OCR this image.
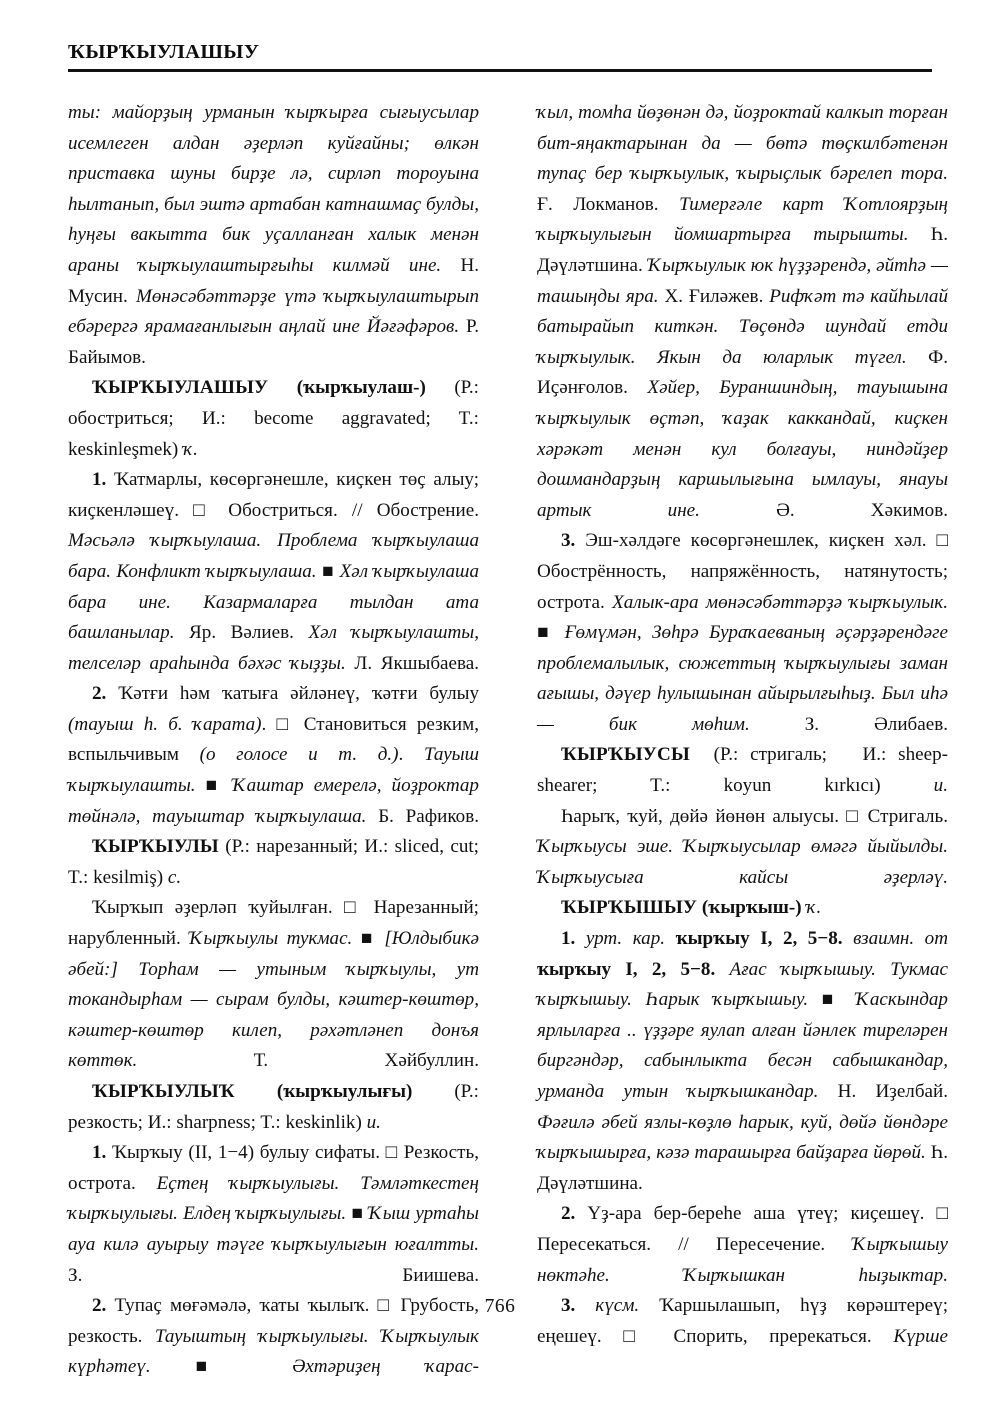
ҠЫРҠЫУЛАШЫУ

ты: майорҙың урманын ҡырҡырға сығыусылар исемлеген алдан әҙерләп куйғайны; өлкән приставка шуны бирҙе лә, сирләп тороуына һылтанып, был эштә артабан катнашмаҫ булды, һуңғы вакытта бик уҫалланған халык менән араны ҡырҡыулаштырғыһы килмәй ине. Н. Мусин. Мөнәсәбәттәрҙе үтә ҡырҡыулаштырып ебәрергә ярамағанлығын аңлай ине Йәғәфәров. Р. Байымов.

ҠЫРҠЫУЛАШЫУ (ҡырҡыулаш-) (Р.: обостриться; И.: become aggravated; T.: keskinleşmek) ҡ.

1. Ҡатмарлы, көсөргәнешле, киҫкен төҫ алыу; киҫкенләшеү. □ Обостриться. // Обострение. Мәсьәлә ҡырҡыулаша. Проблема ҡырҡыулаша бара. Конфликт ҡырҡыулаша. ■ Хәл ҡырҡыулаша бара ине. Казармаларға тылдан ата башланылар. Яр. Вәлиев. Хәл ҡырҡыулашты, телселәр араһында бәхәс ҡыҙҙы. Л. Якшыбаева.

2. Ҡәтғи һәм ҡатыға әйләнеү, ҡәтғи булыу (тауыш һ. б. ҡарата). □ Становиться резким, вспыльчивым (о голосе и т. д.). Тауыш ҡырҡыулашты. ■ Ҡаштар емерелә, йоҙроктар төйнәлә, тауыштар ҡырҡыулаша. Б. Рафиков.

ҠЫРҠЫУЛЫ (Р.: нарезанный; И.: sliced, cut; T.: kesilmiş) с.

Ҡырҡып әҙерләп ҡуйылған. □ Нарезанный; нарубленный. Ҡырҡыулы тукмас. ■ [Юлдыбикә әбей:] Торһам — утыным ҡырҡыулы, ут токандырһам — сырам булды, кәштер-көштөр, кәштер-көштөр килеп, рәхәтләнеп донъя көттөк. Т. Хәйбуллин.

ҠЫРҠЫУЛЫҠ (ҡырҡыулығы) (Р.: резкость; И.: sharpness; T.: keskinlik) и.

1. Ҡырҡыу (II, 1−4) булыу сифаты. □ Резкость, острота. Еҫтең ҡырҡыулығы. Тәмләткестең ҡырҡыулығы. Елдең ҡырҡыулығы. ■ Ҡыш уртаһы ауа килә ауырыу тәүге ҡырҡыулығын юғалтты. З. Биишева.

2. Тупаҫ мөғәмәлә, ҡаты ҡылыҡ. □ Грубость, резкость. Тауыштың ҡырҡыулығы. Ҡырҡыулык күрһәтеү. ■ Әхтәриҙең ҡарас-

ҡыл, томһа йөҙөнән дә, йоҙроктай калкып торған бит-яңактарынан да — бөтә төҫкилбәтенән тупаҫ бер ҡырҡыулык, ҡырыҫлык бәрелеп тора. Ғ. Локманов. Тимерғәле карт Ҡотлоярҙың ҡырҡыулығын йомшартырға тырышты. Һ. Дәүләтшина. Ҡырҡыулык юк һүҙҙәрендә, әйтһә — ташыңды яра. Х. Ғиләжев. Рифҡәт тә кайһылай батырайып киткән. Төҫөндә шундай етди ҡырҡыулык. Якын да юларлык түгел. Ф. Иҫәнғолов. Хәйер, Бураншиндың, тауышына ҡырҡыулык өҫтәп, ҡаҙак каккандай, киҫкен хәрәкәт менән кул болғауы, ниндәйҙер дошмандарҙың каршылығына ымлауы, янауы артык ине. Ә. Хәкимов.

3. Эш-хәлдәге көсөргәнешлек, киҫкен хәл. □ Обострённость, напряжённость, натянутость; острота. Халык-ара мөнәсәбәттәрҙә ҡырҡыулык. ■ Ғөмүмән, Зөһрә Бураҡаеваның әҫәрҙәрендәге проблемалылык, сюжеттың ҡырҡыулығы заман ағышы, дәүер һулышынан айырылғыһыҙ. Был иһә — бик мөһим. З. Әлибаев.

ҠЫРҠЫУСЫ  (Р.: стригаль;   И.: sheep-shearer; T.: koyun kırkıcı) и.

Һарыҡ, ҡуй, дөйә йөнөн алыусы. □ Стригаль. Ҡырҡыусы эше. Ҡырҡыусылар өмәгә йыйылды. Ҡырҡыусыға кайсы әҙерләү.

ҠЫРҠЫШЫУ (ҡырҡыш-) ҡ.

1. урт. кар. ҡырҡыу I, 2, 5−8. взаимн. от ҡырҡыу I, 2, 5−8. Ағас ҡырҡышыу. Тукмас ҡырҡышыу. Һарык ҡырҡышыу. ■ Ҡаскындар ярлыларға .. үҙҙәре яулап алған йәнлек тиреләрен биргәндәр, сабынлыкта бесән сабышкандар, урманда утын ҡырҡышкандар. Н. Иҙелбай. Фәғилә әбей язлы-көҙлө һарык, куй, дөйә йөндәре ҡырҡышырға, кәзә тарашырға байҙарға йөрөй. Һ. Дәүләтшина.

2. Үҙ-ара бер-береһе аша үтеү; киҫешеү. □ Пересекаться. // Пересечение. Ҡырҡышыу нөктәһе. Ҡырҡышкан һыҙыктар.

3. күсм. Ҡаршылашып, һүҙ көрәштереү; еңешеү. □ Спорить, пререкаться. Күрше

766
